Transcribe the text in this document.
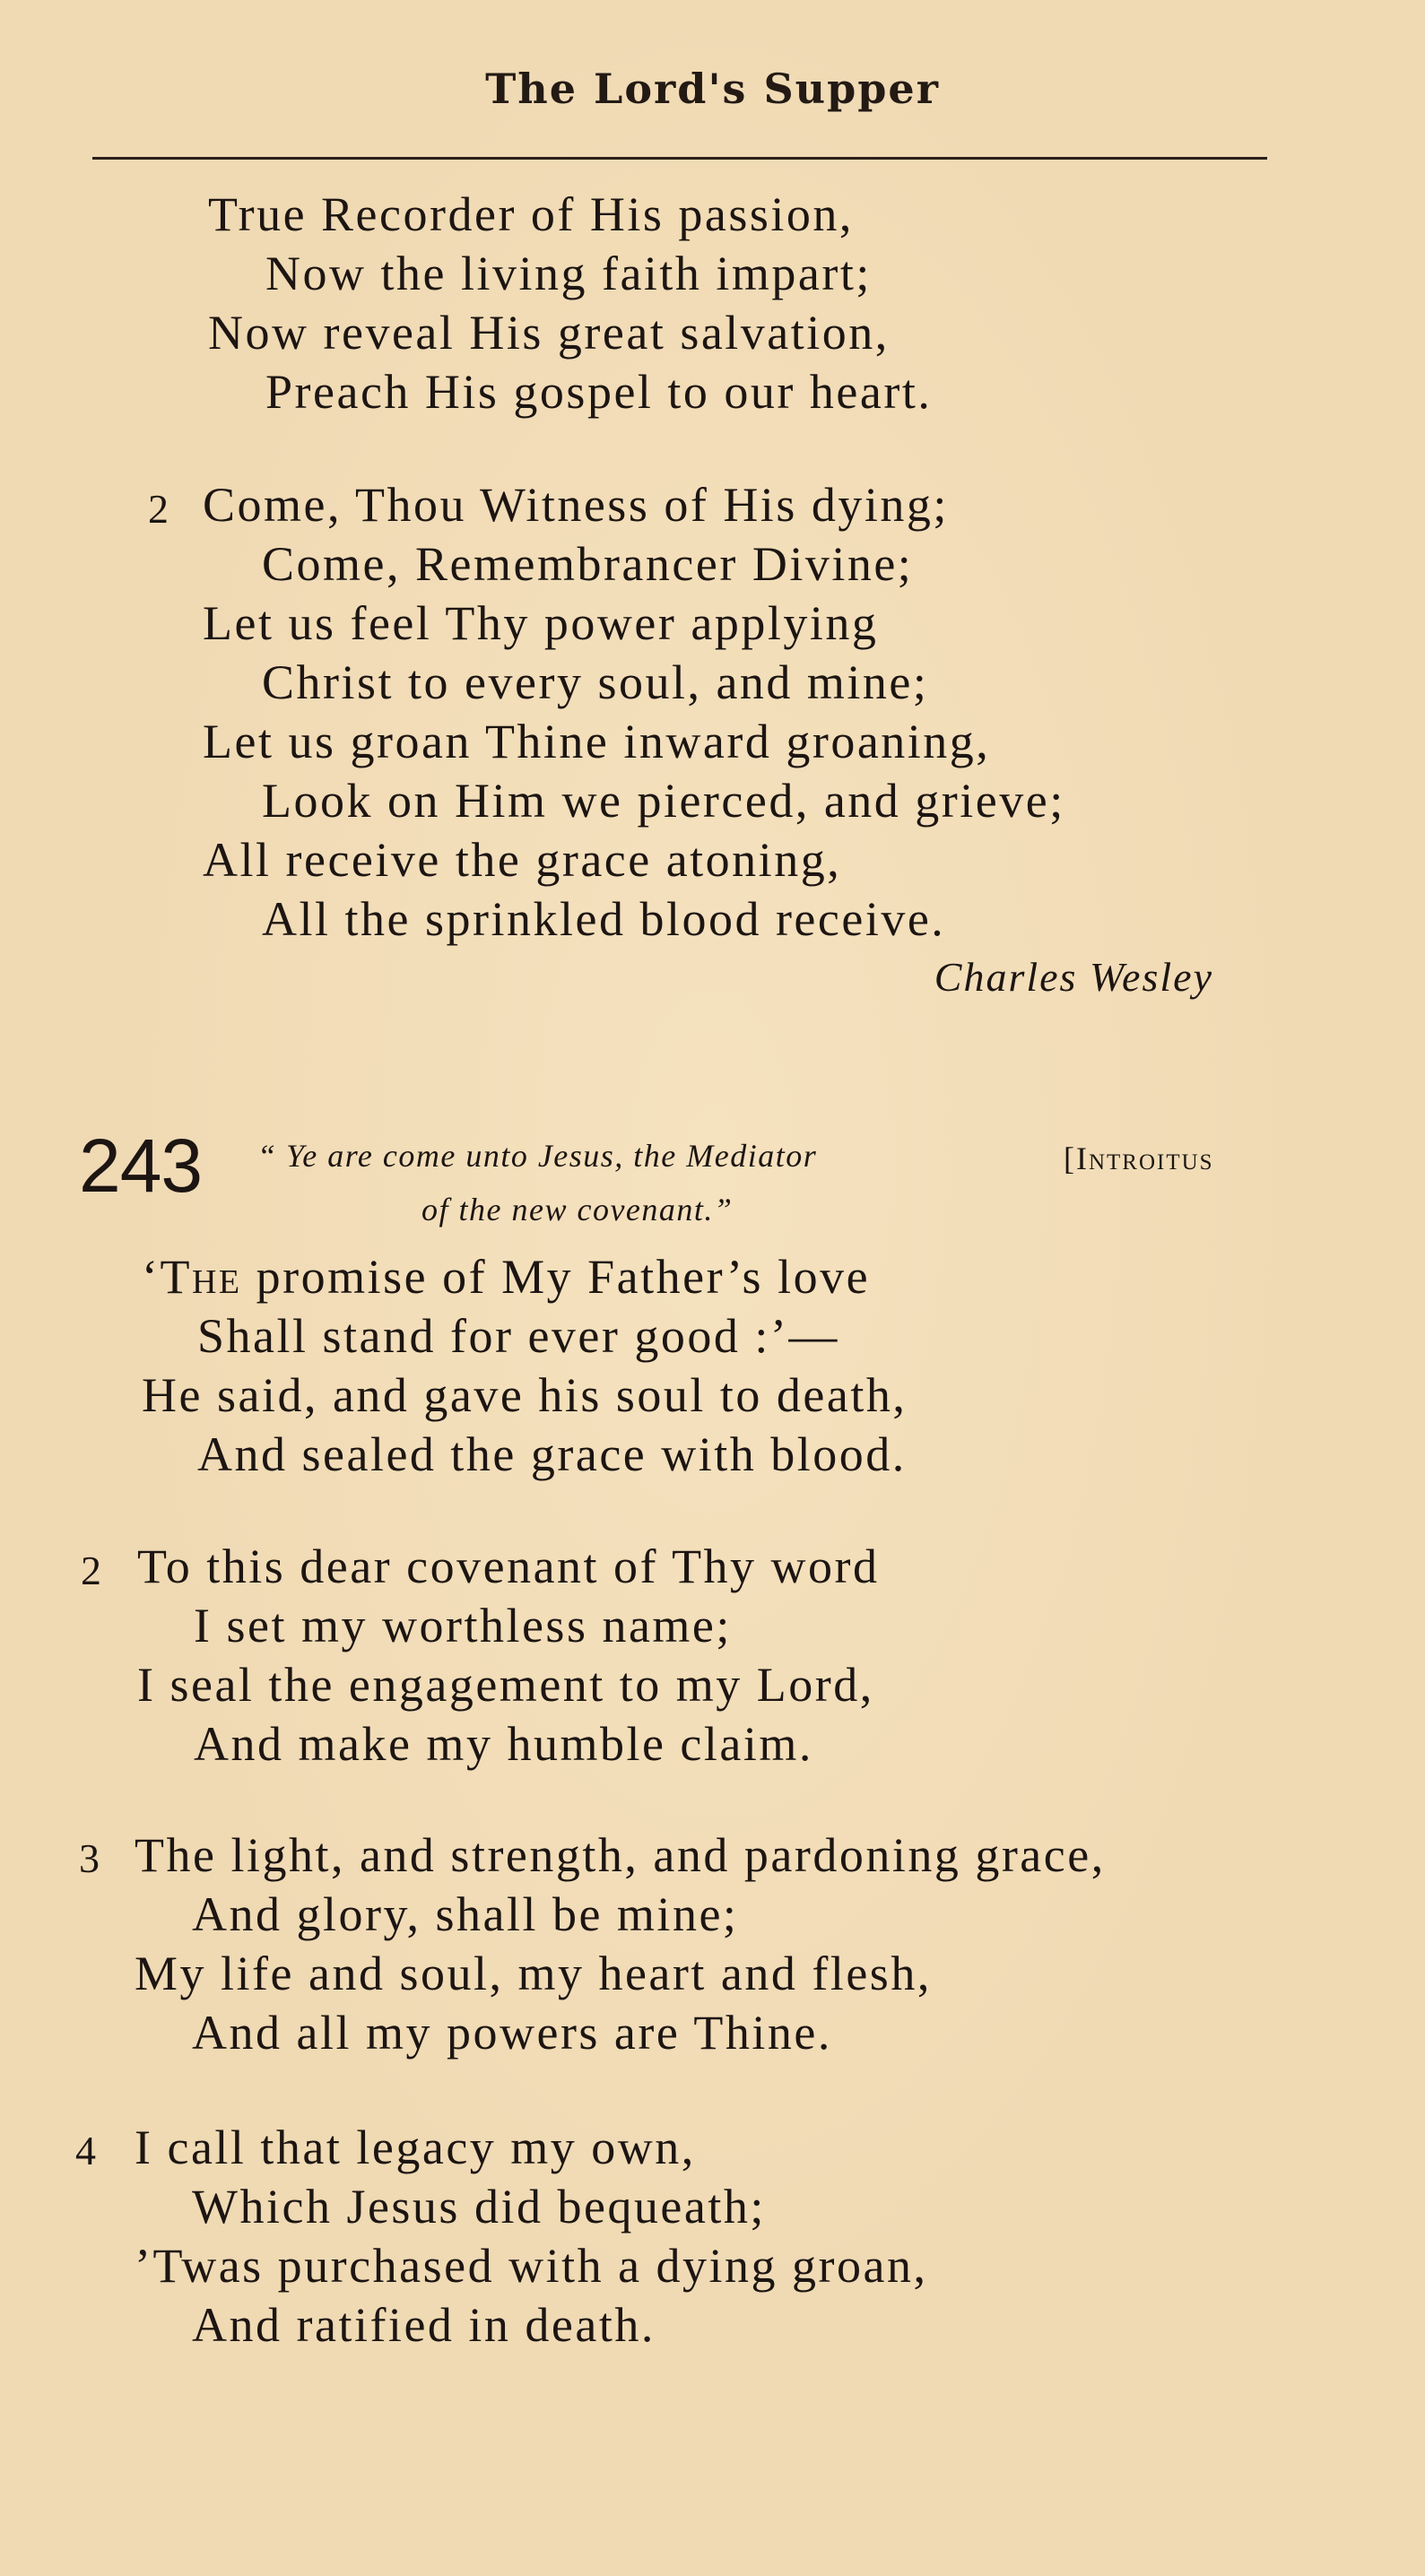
The Lord's Supper
True Recorder of His passion,
Now the living faith impart;
Now reveal His great salvation,
Preach His gospel to our heart.
2 Come, Thou Witness of His dying;
Come, Remembrancer Divine;
Let us feel Thy power applying
Christ to every soul, and mine;
Let us groan Thine inward groaning,
Look on Him we pierced, and grieve;
All receive the grace atoning,
All the sprinkled blood receive.
Charles Wesley
243 “ Ye are come unto Jesus, the Mediator
of the new covenant.”
[Introitus
‘The promise of My Father’s love
Shall stand for ever good :’—
He said, and gave his soul to death,
And sealed the grace with blood.
2 To this dear covenant of Thy word
I set my worthless name;
I seal the engagement to my Lord,
And make my humble claim.
3 The light, and strength, and pardoning grace,
And glory, shall be mine;
My life and soul, my heart and flesh,
And all my powers are Thine.
4 I call that legacy my own,
Which Jesus did bequeath;
’Twas purchased with a dying groan,
And ratified in death.
